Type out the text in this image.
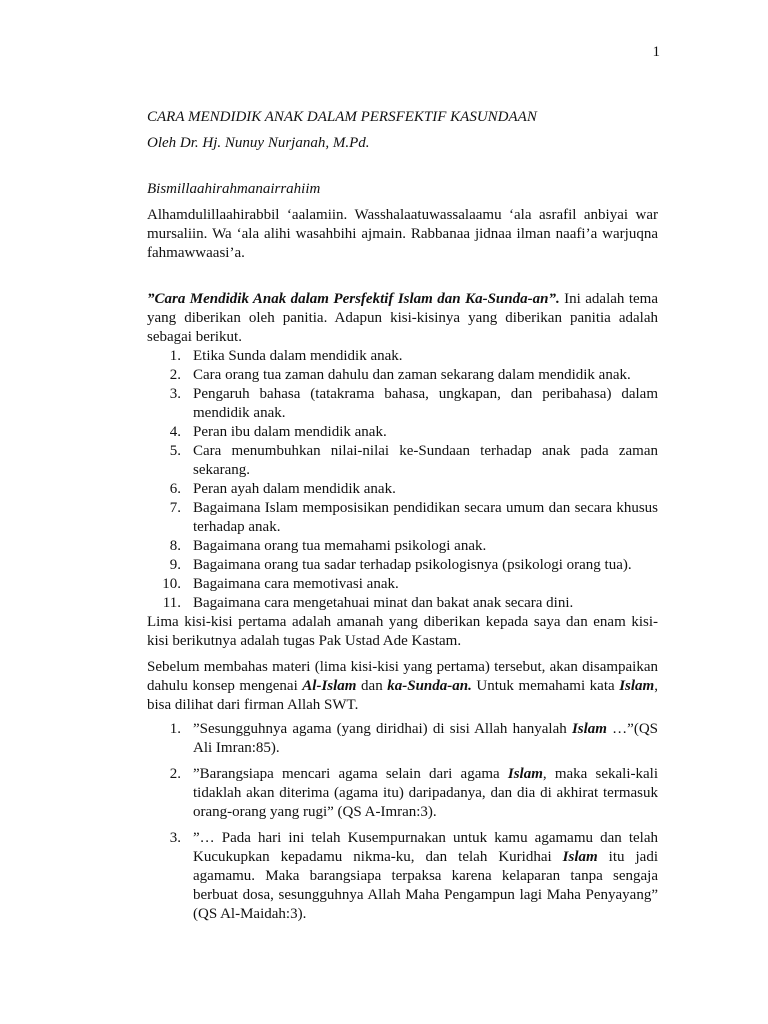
1

CARA MENDIDIK ANAK DALAM PERSFEKTIF KASUNDAAN

Oleh Dr. Hj. Nunuy Nurjanah, M.Pd.

Bismillaahirahmanairrahiim

Alhamdulillaahirabbil ‘aalamiin. Wasshalaatuwassalaamu ‘ala asrafil anbiyai war mursaliin. Wa ‘ala alihi wasahbihi ajmain. Rabbanaa jidnaa ilman naafi’a warjuqna fahmawwaasi’a.

”Cara Mendidik Anak dalam Persfektif Islam dan Ka-Sunda-an”. Ini adalah tema yang diberikan oleh panitia. Adapun kisi-kisinya yang diberikan panitia adalah sebagai berikut.

1. Etika Sunda dalam mendidik anak.
2. Cara orang tua zaman dahulu dan zaman sekarang dalam mendidik anak.
3. Pengaruh bahasa (tatakrama bahasa, ungkapan, dan peribahasa) dalam mendidik anak.
4. Peran ibu dalam mendidik anak.
5. Cara menumbuhkan nilai-nilai ke-Sundaan terhadap anak pada zaman sekarang.
6. Peran ayah dalam mendidik anak.
7. Bagaimana Islam memposisikan pendidikan secara umum dan secara khusus terhadap anak.
8. Bagaimana orang tua memahami psikologi anak.
9. Bagaimana orang tua sadar terhadap psikologisnya (psikologi orang tua).
10. Bagaimana cara memotivasi anak.
11. Bagaimana cara mengetahuai minat dan bakat anak secara dini.

Lima kisi-kisi pertama adalah amanah yang diberikan kepada saya dan enam kisi-kisi berikutnya adalah tugas Pak Ustad Ade Kastam.

Sebelum membahas materi (lima kisi-kisi yang pertama) tersebut, akan disampaikan dahulu konsep mengenai Al-Islam dan ka-Sunda-an. Untuk memahami kata Islam, bisa dilihat dari firman Allah SWT.

1. ”Sesungguhnya agama (yang diridhai) di sisi Allah hanyalah Islam …”(QS Ali Imran:85).
2. ”Barangsiapa mencari agama selain dari agama Islam, maka sekali-kali tidaklah akan diterima (agama itu) daripadanya, dan dia di akhirat termasuk orang-orang yang rugi” (QS A-Imran:3).
3. ”… Pada hari ini telah Kusempurnakan untuk kamu agamamu dan telah Kucukupkan kepadamu nikma-ku, dan telah Kuridhai Islam itu jadi agamamu. Maka barangsiapa terpaksa karena kelaparan tanpa sengaja berbuat dosa, sesungguhnya Allah Maha Pengampun lagi Maha Penyayang” (QS Al-Maidah:3).
